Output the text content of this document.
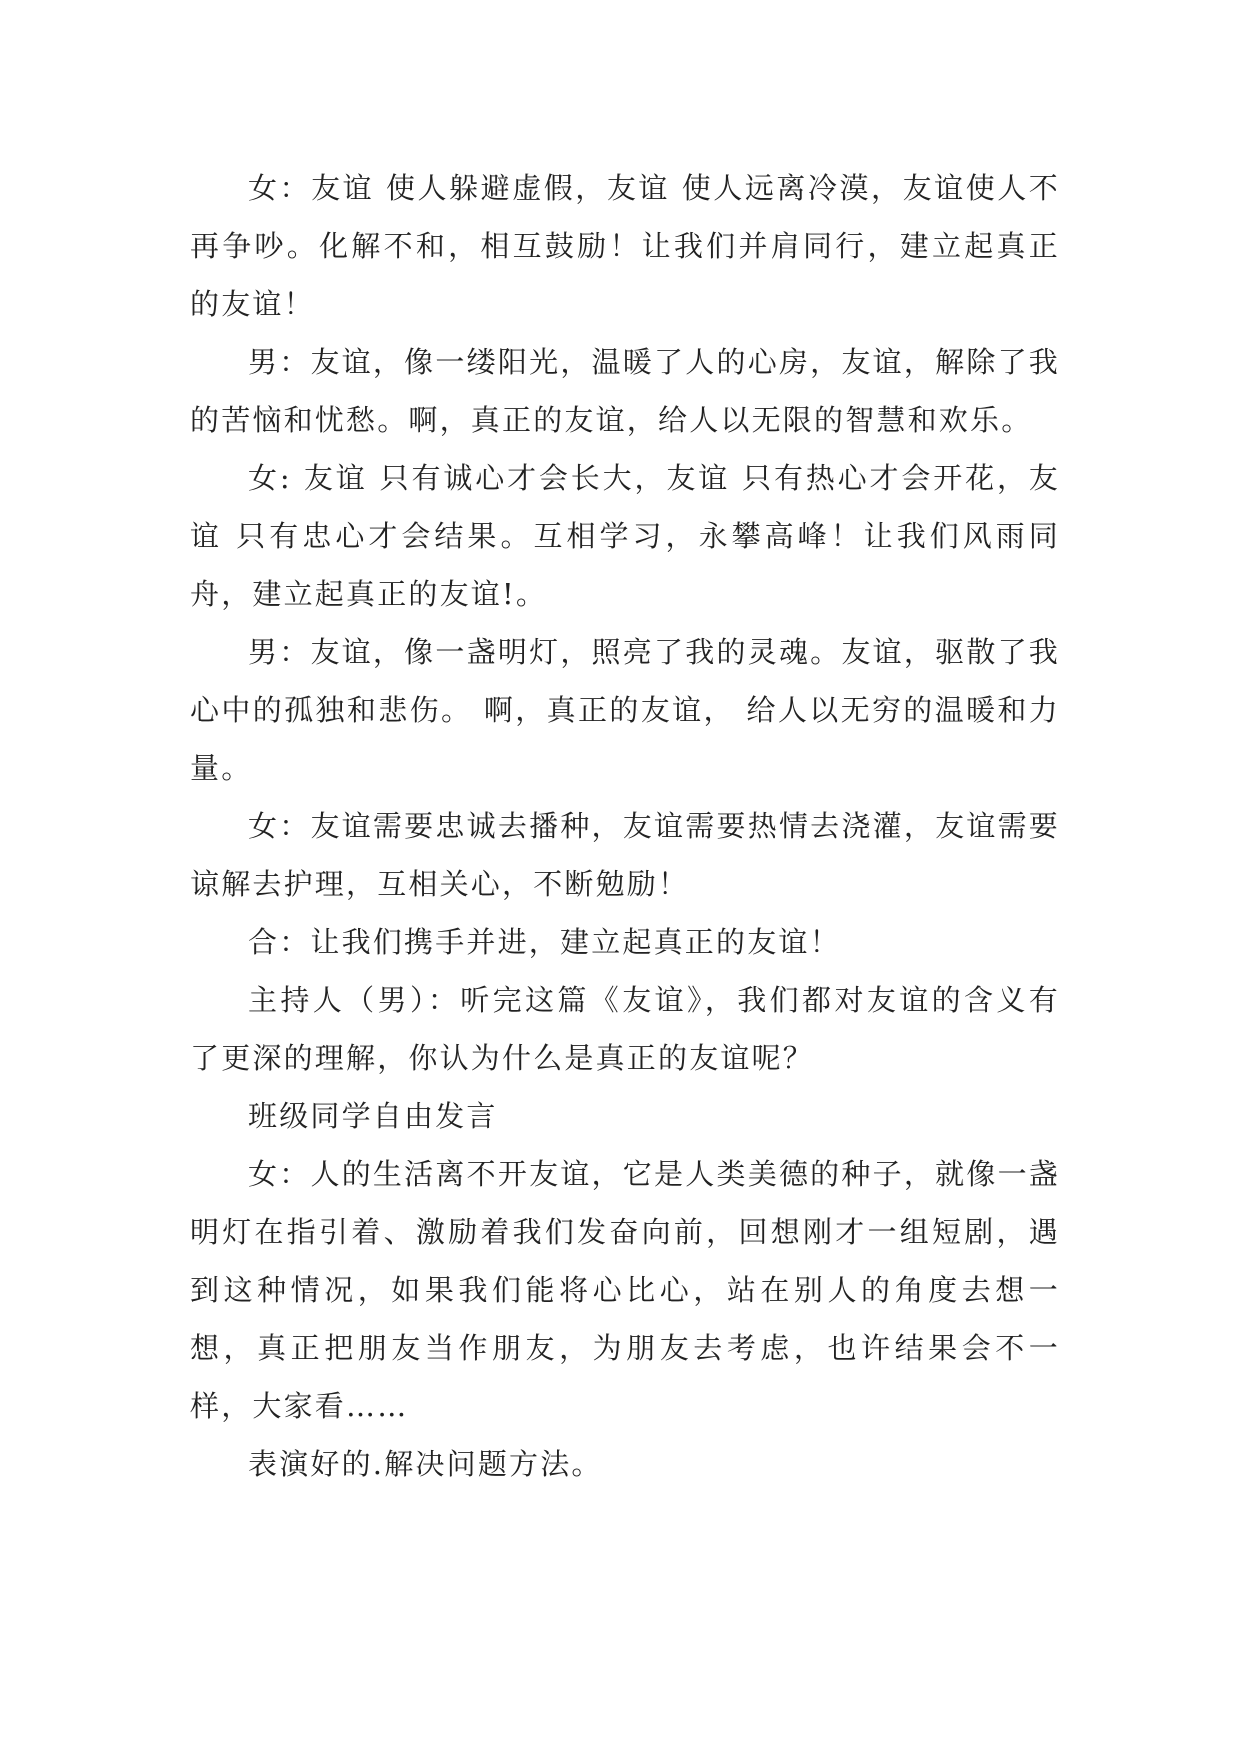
女：友谊 使人躲避虚假，友谊 使人远离冷漠，友谊使人不再争吵。化解不和，相互鼓励！让我们并肩同行，建立起真正的友谊！

男：友谊，像一缕阳光，温暖了人的心房，友谊，解除了我的苦恼和忧愁。啊，真正的友谊，给人以无限的智慧和欢乐。

女: 友谊 只有诚心才会长大，友谊 只有热心才会开花，友谊 只有忠心才会结果。互相学习，永攀高峰！让我们风雨同舟，建立起真正的友谊!。

男：友谊，像一盏明灯，照亮了我的灵魂。友谊，驱散了我心中的孤独和悲伤。 啊，真正的友谊， 给人以无穷的温暖和力量。

女：友谊需要忠诚去播种，友谊需要热情去浇灌，友谊需要谅解去护理，互相关心，不断勉励！

合：让我们携手并进，建立起真正的友谊！

主持人（男）：听完这篇《友谊》，我们都对友谊的含义有了更深的理解，你认为什么是真正的友谊呢？

班级同学自由发言

女：人的生活离不开友谊，它是人类美德的种子，就像一盏明灯在指引着、激励着我们发奋向前，回想刚才一组短剧，遇到这种情况，如果我们能将心比心，站在别人的角度去想一想，真正把朋友当作朋友，为朋友去考虑，也许结果会不一样，大家看……

表演好的.解决问题方法。
